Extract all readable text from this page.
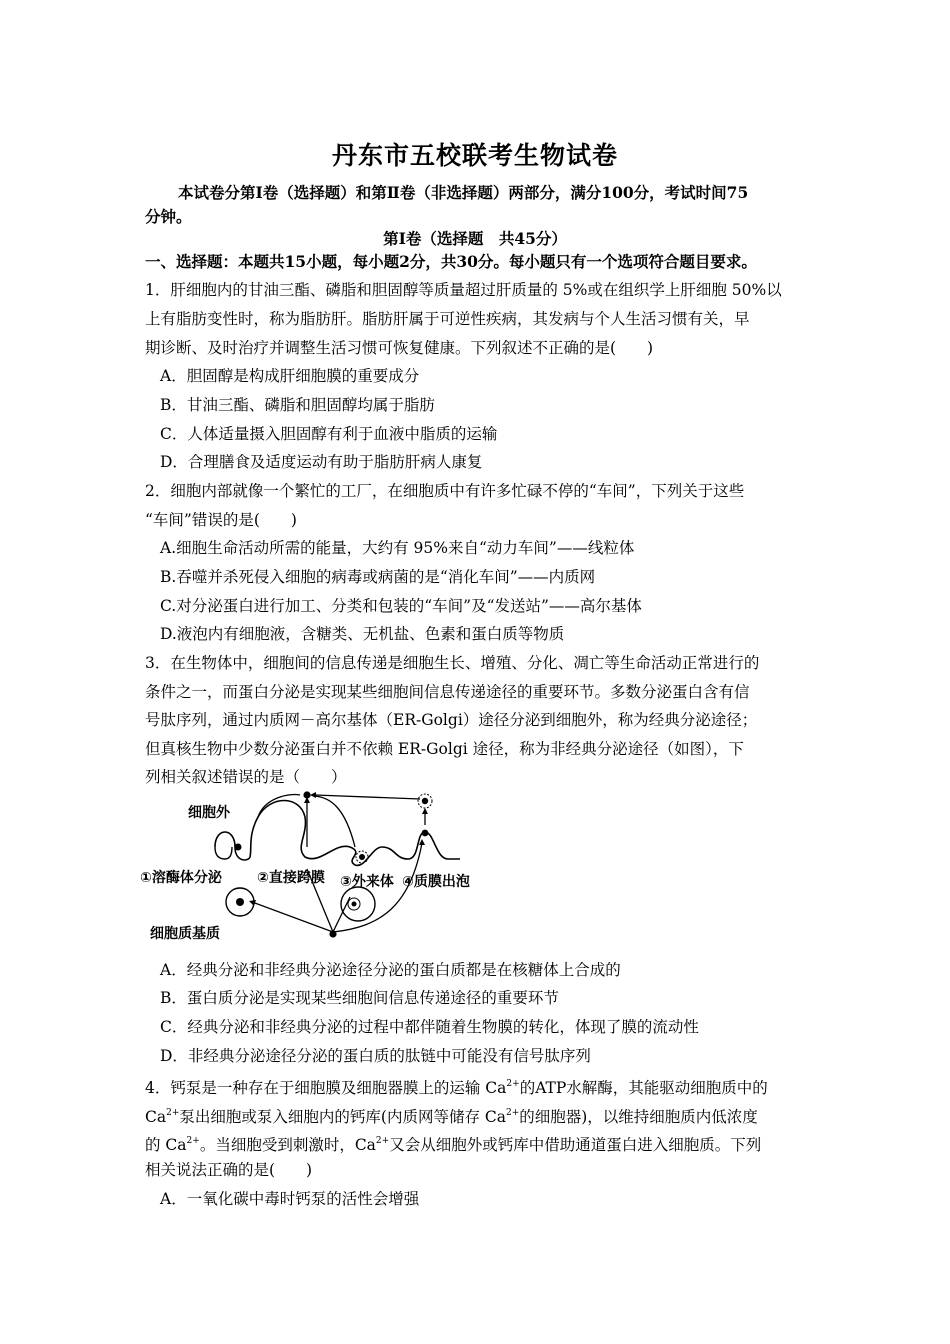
丹东市五校联考生物试卷
本试卷分第Ⅰ卷（选择题）和第Ⅱ卷（非选择题）两部分，满分100分，考试时间75
分钟。
第Ⅰ卷（选择题　共45分）
一、选择题：本题共15小题，每小题2分，共30分。每小题只有一个选项符合题目要求。
1．肝细胞内的甘油三酯、磷脂和胆固醇等质量超过肝质量的 5%或在组织学上肝细胞 50%以
上有脂肪变性时，称为脂肪肝。脂肪肝属于可逆性疾病，其发病与个人生活习惯有关，早
期诊断、及时治疗并调整生活习惯可恢复健康。下列叙述不正确的是(　　)
A．胆固醇是构成肝细胞膜的重要成分
B．甘油三酯、磷脂和胆固醇均属于脂肪
C．人体适量摄入胆固醇有利于血液中脂质的运输
D．合理膳食及适度运动有助于脂肪肝病人康复
2．细胞内部就像一个繁忙的工厂，在细胞质中有许多忙碌不停的“车间”，下列关于这些
“车间”错误的是(　　)
A.细胞生命活动所需的能量，大约有 95%来自“动力车间”——线粒体
B.吞噬并杀死侵入细胞的病毒或病菌的是“消化车间”——内质网
C.对分泌蛋白进行加工、分类和包装的“车间”及“发送站”——高尔基体
D.液泡内有细胞液，含糖类、无机盐、色素和蛋白质等物质
3．在生物体中，细胞间的信息传递是细胞生长、增殖、分化、凋亡等生命活动正常进行的
条件之一，而蛋白分泌是实现某些细胞间信息传递途径的重要环节。多数分泌蛋白含有信
号肽序列，通过内质网－高尔基体（ER-Golgi）途径分泌到细胞外，称为经典分泌途径；
但真核生物中少数分泌蛋白并不依赖 ER-Golgi 途径，称为非经典分泌途径（如图），下
列相关叙述错误的是（　　）
细胞外
①溶酶体分泌	②直接跨膜 ③外来体 ④质膜出泡
细胞质基质
A．经典分泌和非经典分泌途径分泌的蛋白质都是在核糖体上合成的
B．蛋白质分泌是实现某些细胞间信息传递途径的重要环节
C．经典分泌和非经典分泌的过程中都伴随着生物膜的转化，体现了膜的流动性
D．非经典分泌途径分泌的蛋白质的肽链中可能没有信号肽序列
4．钙泵是一种存在于细胞膜及细胞器膜上的运输 $Ca^{2+}$的ATP水解酶，其能驱动细胞质中的
$Ca^{2+}$泵出细胞或泵入细胞内的钙库(内质网等储存 $Ca^{2+}$的细胞器)，以维持细胞质内低浓度
的 $Ca^{2+}$。当细胞受到刺激时，$Ca^{2+}$又会从细胞外或钙库中借助通道蛋白进入细胞质。下列
相关说法正确的是(　　)
A．一氧化碳中毒时钙泵的活性会增强
